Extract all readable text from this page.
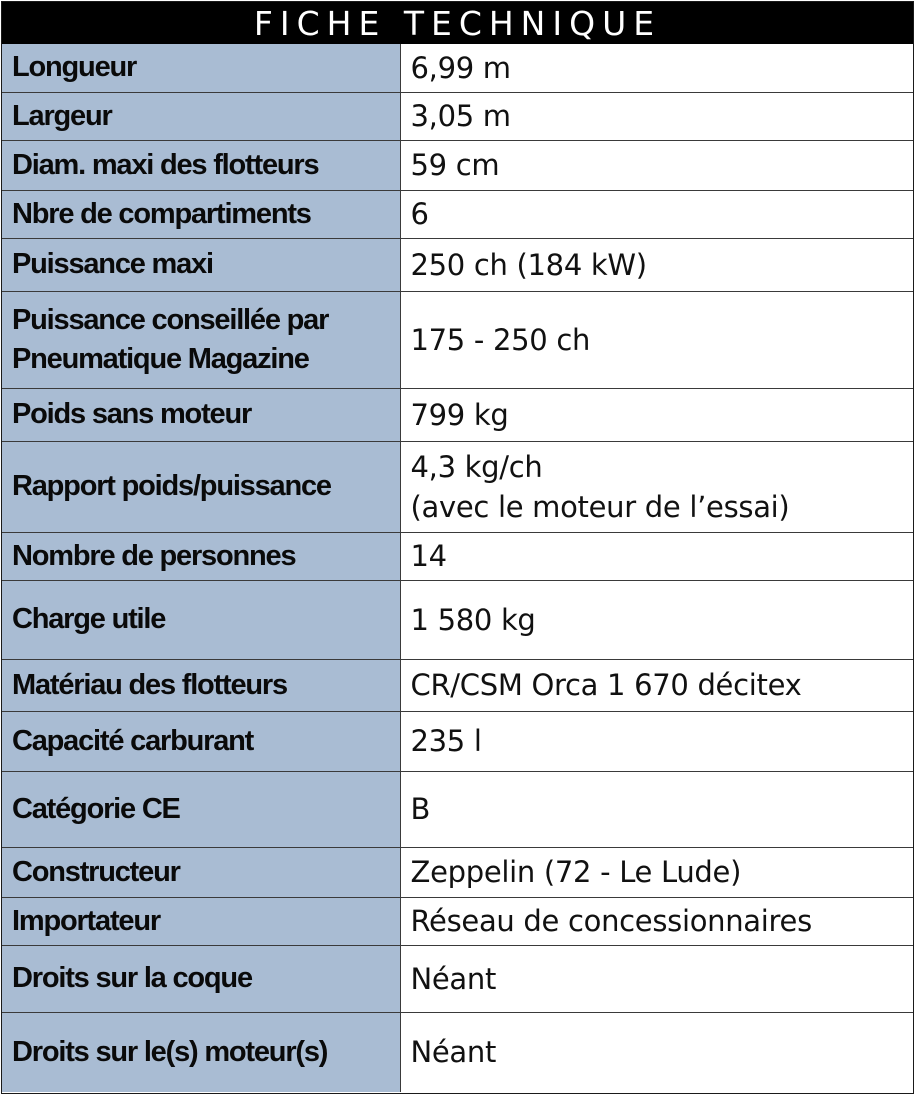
FICHE TECHNIQUE
Longueur	6,99 m

Largeur	3,05 m

Diam. maxi des flotteurs	59 cm

Nbre de compartiments	6

Puissance maxi	250 ch (184 kW)

Puissance conseillée par
Pneumatique Magazine	175 - 250 ch

Poids sans moteur	799 kg

Rapport poids/puissance	4,3 kg/ch
(avec le moteur de l’essai)

Nombre de personnes	14

Charge utile	1 580 kg

Matériau des flotteurs	CR/CSM Orca 1 670 décitex

Capacité carburant	235 l

Catégorie CE	B

Constructeur	Zeppelin (72 - Le Lude)

Importateur	Réseau de concessionnaires

Droits sur la coque	Néant

Droits sur le(s) moteur(s)	Néant
